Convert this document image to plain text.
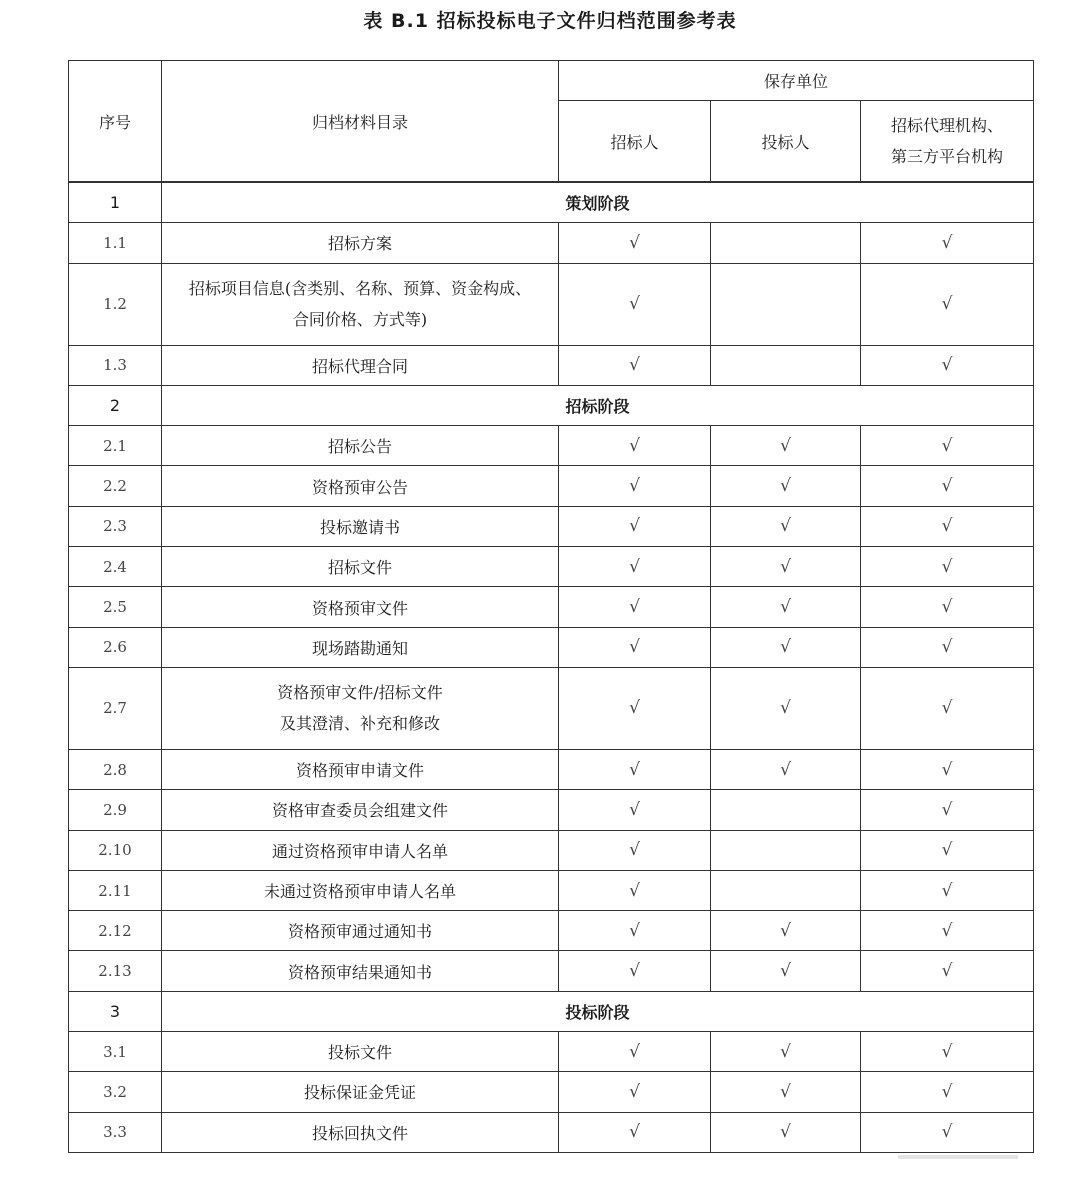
表 B.1 招标投标电子文件归档范围参考表
序号	归档材料目录	保存单位		
		招标人	投标人	招标代理机构、
第三方平台机构
1	策划阶段			
1.1	招标方案	√		√
1.2	招标项目信息(含类别、名称、预算、资金构成、
合同价格、方式等)	√		√
1.3	招标代理合同	√		√
2	招标阶段			
2.1	招标公告	√	√	√
2.2	资格预审公告	√	√	√
2.3	投标邀请书	√	√	√
2.4	招标文件	√	√	√
2.5	资格预审文件	√	√	√
2.6	现场踏勘通知	√	√	√
2.7	资格预审文件/招标文件
及其澄清、补充和修改	√	√	√
2.8	资格预审申请文件	√	√	√
2.9	资格审查委员会组建文件	√		√
2.10	通过资格预审申请人名单	√		√
2.11	未通过资格预审申请人名单	√		√
2.12	资格预审通过通知书	√	√	√
2.13	资格预审结果通知书	√	√	√
3	投标阶段			
3.1	投标文件	√	√	√
3.2	投标保证金凭证	√	√	√
3.3	投标回执文件	√	√	√
